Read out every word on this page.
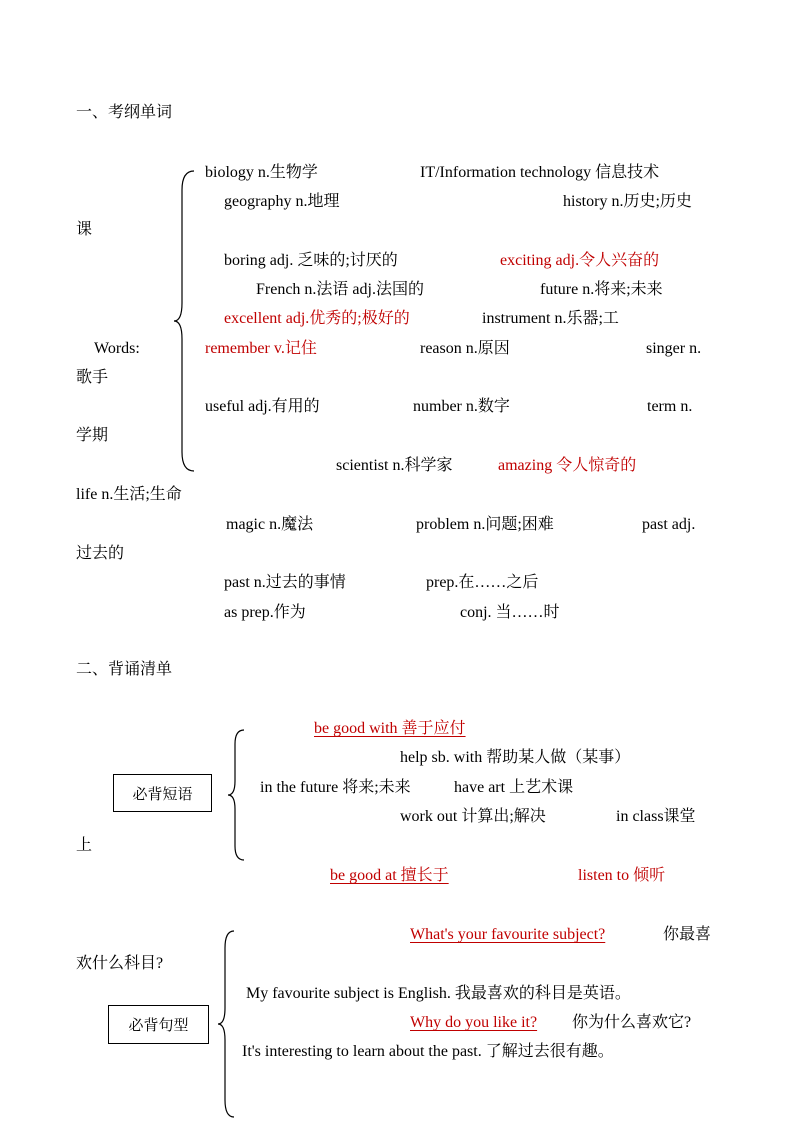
一、考纲单词
Words:
biology n.生物学	IT/Information technology 信息技术
geography n.地理	history n.历史;历史
课
boring adj. 乏味的;讨厌的	exciting adj.令人兴奋的
French n.法语 adj.法国的	future n.将来;未来
excellent adj.优秀的;极好的	instrument n.乐器;工
remember v.记住	reason n.原因	singer n.
歌手
useful adj.有用的	number n.数字	term n.
学期
scientist n.科学家	amazing 令人惊奇的
life n.生活;生命
magic n.魔法	problem n.问题;困难	past adj.
过去的
past n.过去的事情	prep.在……之后
as prep.作为	conj. 当……时
二、背诵清单
必背短语
be good with 善于应付
help sb. with 帮助某人做（某事）
in the future 将来;未来	have art 上艺术课
work out 计算出;解决	in class课堂
上
be good at 擅长于	listen to 倾听
必背句型
What's your favourite subject?	你最喜
欢什么科目?
My favourite subject is English. 我最喜欢的科目是英语。
Why do you like it? 你为什么喜欢它?
It's interesting to learn about the past. 了解过去很有趣。
